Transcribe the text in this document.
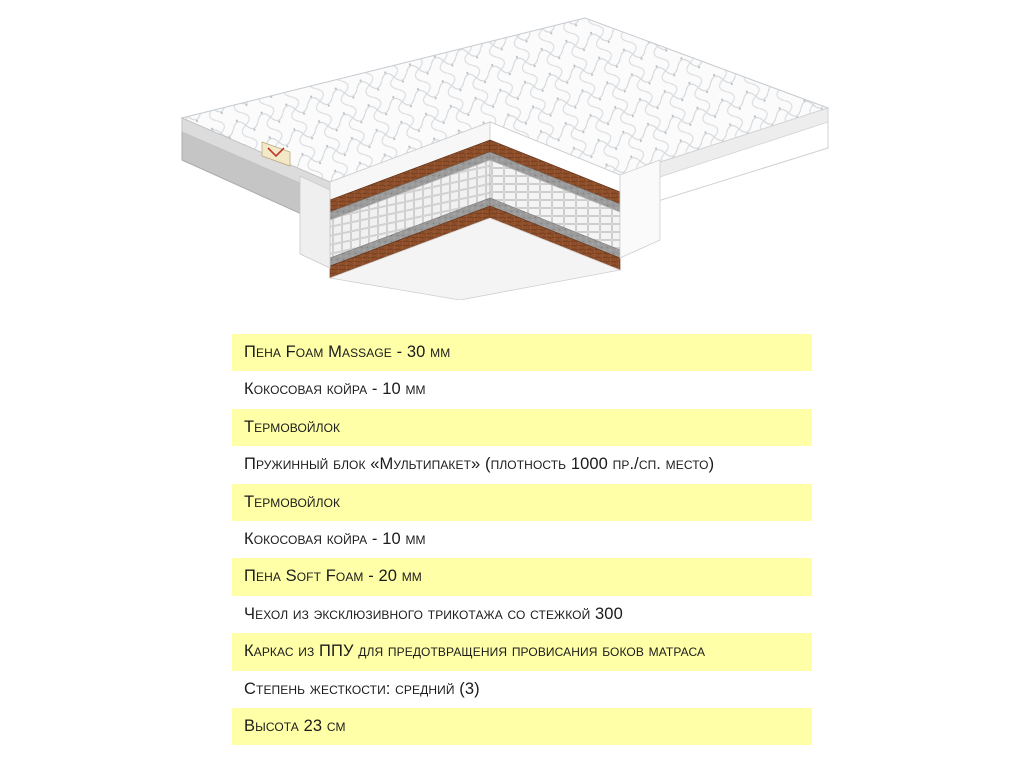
Пена Foam Massage - 30 мм
Кокосовая койра - 10 мм
Термовойлок
Пружинный блок «Мультипакет» (плотность 1000 пр./сп. место)
Термовойлок
Кокосовая койра - 10 мм
Пена Soft Foam - 20 мм
Чехол из эксклюзивного трикотажа со стежкой 300
Каркас из ППУ для предотвращения провисания боков матраса
Степень жесткости: средний (3)
Высота 23 см
